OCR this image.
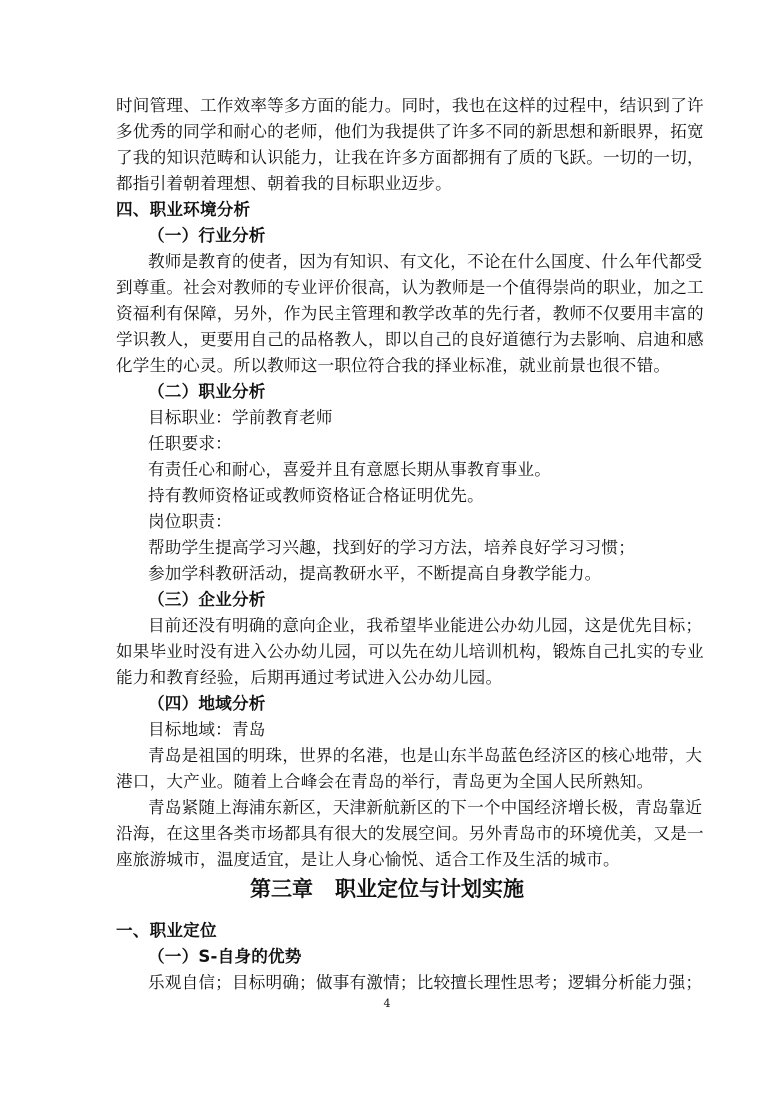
时间管理、工作效率等多方面的能力。同时，我也在这样的过程中，结识到了许
多优秀的同学和耐心的老师，他们为我提供了许多不同的新思想和新眼界，拓宽
了我的知识范畴和认识能力，让我在许多方面都拥有了质的飞跃。一切的一切，
都指引着朝着理想、朝着我的目标职业迈步。
四、职业环境分析
（一）行业分析
教师是教育的使者，因为有知识、有文化，不论在什么国度、什么年代都受
到尊重。社会对教师的专业评价很高，认为教师是一个值得崇尚的职业，加之工
资福利有保障，另外，作为民主管理和教学改革的先行者，教师不仅要用丰富的
学识教人，更要用自己的品格教人，即以自己的良好道德行为去影响、启迪和感
化学生的心灵。所以教师这一职位符合我的择业标准，就业前景也很不错。
（二）职业分析
目标职业：学前教育老师
任职要求：
有责任心和耐心，喜爱并且有意愿长期从事教育事业。
持有教师资格证或教师资格证合格证明优先。
岗位职责：
帮助学生提高学习兴趣，找到好的学习方法，培养良好学习习惯；
参加学科教研活动，提高教研水平，不断提高自身教学能力。
（三）企业分析
目前还没有明确的意向企业，我希望毕业能进公办幼儿园，这是优先目标；
如果毕业时没有进入公办幼儿园，可以先在幼儿培训机构，锻炼自己扎实的专业
能力和教育经验，后期再通过考试进入公办幼儿园。
（四）地域分析
目标地域：青岛
青岛是祖国的明珠，世界的名港，也是山东半岛蓝色经济区的核心地带，大
港口，大产业。随着上合峰会在青岛的举行，青岛更为全国人民所熟知。
青岛紧随上海浦东新区，天津新航新区的下一个中国经济增长极，青岛靠近
沿海，在这里各类市场都具有很大的发展空间。另外青岛市的环境优美，又是一
座旅游城市，温度适宜，是让人身心愉悦、适合工作及生活的城市。
第三章 职业定位与计划实施
一、职业定位
（一）S-自身的优势
乐观自信；目标明确；做事有激情；比较擅长理性思考；逻辑分析能力强；
4
